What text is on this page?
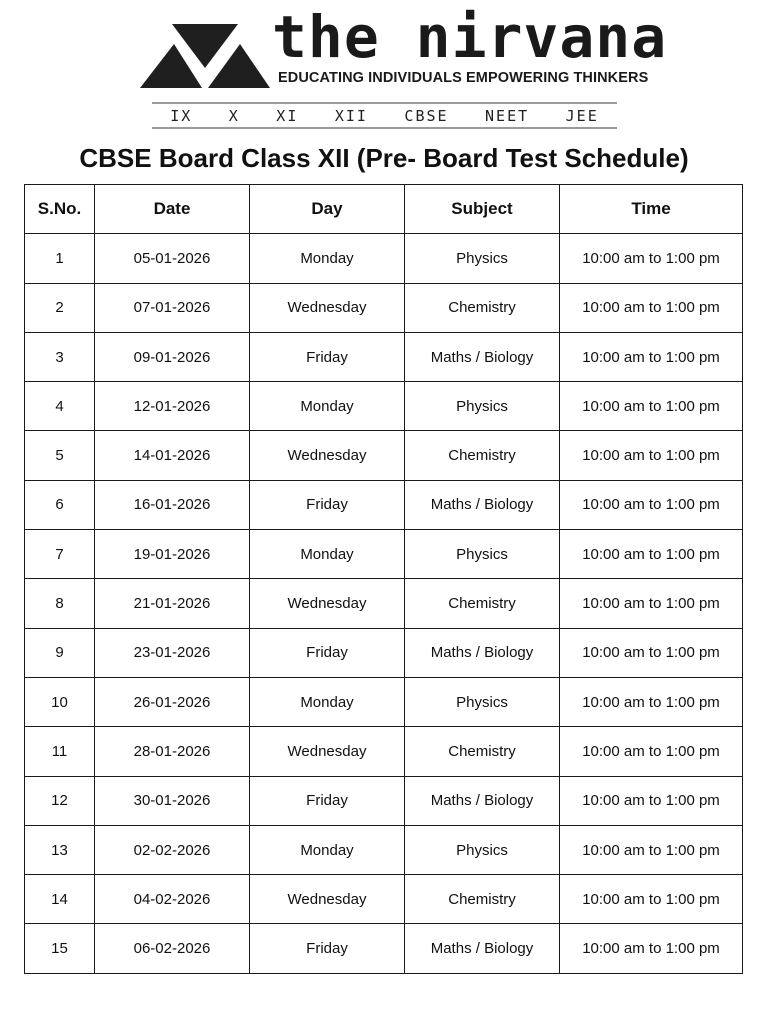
the nirvana
EDUCATING INDIVIDUALS EMPOWERING THINKERS
IX X XI XII CBSE NEET JEE
CBSE Board Class XII (Pre- Board Test Schedule)
S.No.	Date	Day	Subject	Time
1	05-01-2026	Monday	Physics	10:00 am to 1:00 pm
2	07-01-2026	Wednesday	Chemistry	10:00 am to 1:00 pm
3	09-01-2026	Friday	Maths / Biology	10:00 am to 1:00 pm
4	12-01-2026	Monday	Physics	10:00 am to 1:00 pm
5	14-01-2026	Wednesday	Chemistry	10:00 am to 1:00 pm
6	16-01-2026	Friday	Maths / Biology	10:00 am to 1:00 pm
7	19-01-2026	Monday	Physics	10:00 am to 1:00 pm
8	21-01-2026	Wednesday	Chemistry	10:00 am to 1:00 pm
9	23-01-2026	Friday	Maths / Biology	10:00 am to 1:00 pm
10	26-01-2026	Monday	Physics	10:00 am to 1:00 pm
11	28-01-2026	Wednesday	Chemistry	10:00 am to 1:00 pm
12	30-01-2026	Friday	Maths / Biology	10:00 am to 1:00 pm
13	02-02-2026	Monday	Physics	10:00 am to 1:00 pm
14	04-02-2026	Wednesday	Chemistry	10:00 am to 1:00 pm
15	06-02-2026	Friday	Maths / Biology	10:00 am to 1:00 pm
